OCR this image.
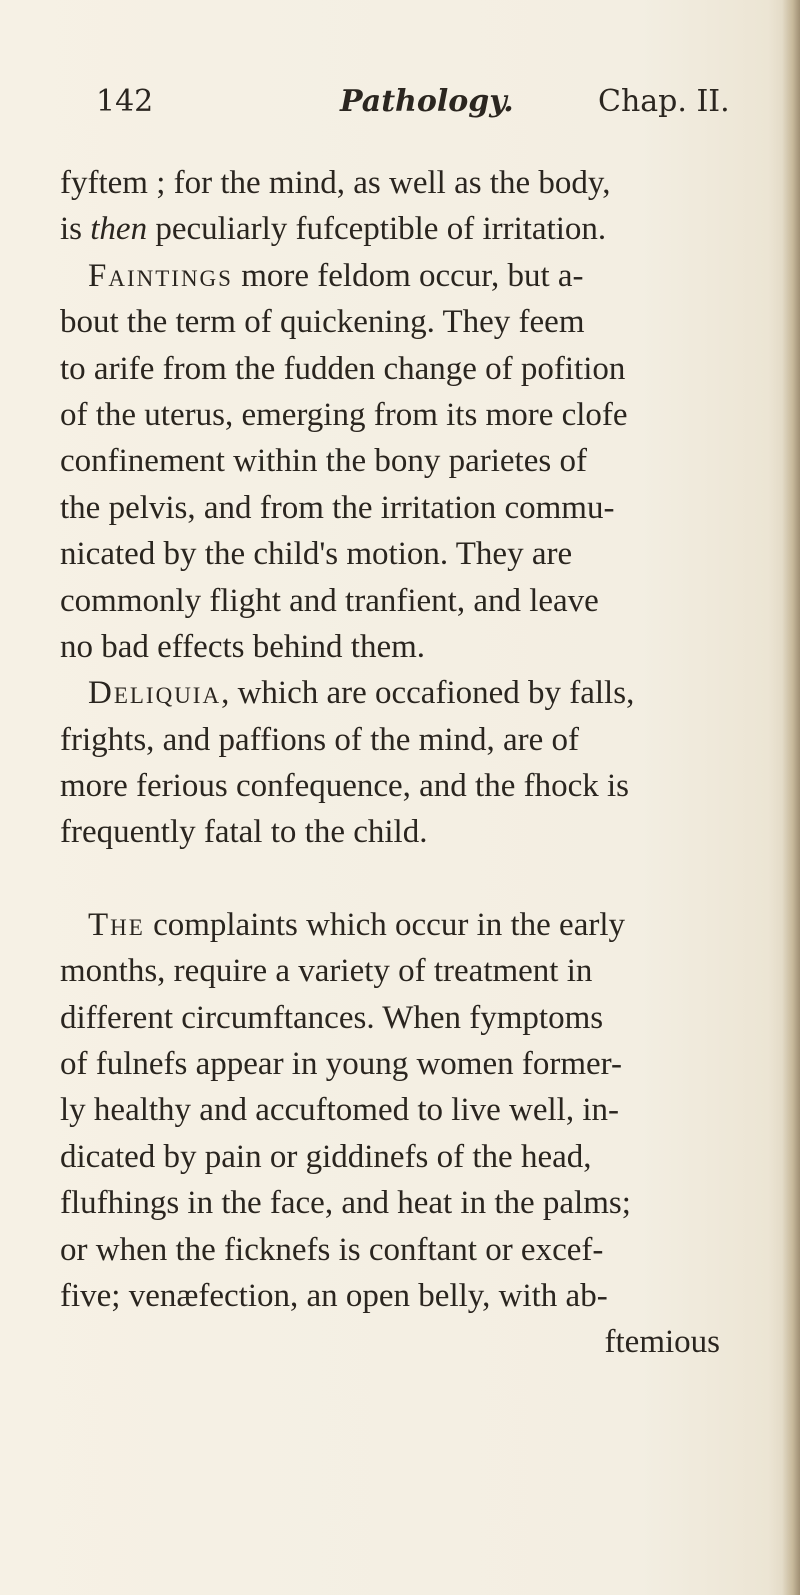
142	Pathology.	Chap. II.
fyftem ; for the mind, as well as the body,
is then peculiarly fufceptible of irritation.
Faintings more feldom occur, but a-
bout the term of quickening. They feem
to arife from the fudden change of pofition
of the uterus, emerging from its more clofe
confinement within the bony parietes of
the pelvis, and from the irritation commu-
nicated by the child's motion. They are
commonly flight and tranfient, and leave
no bad effects behind them.
Deliquia, which are occafioned by falls,
frights, and paffions of the mind, are of
more ferious confequence, and the fhock is
frequently fatal to the child.
The complaints which occur in the early
months, require a variety of treatment in
different circumftances. When fymptoms
of fulnefs appear in young women former-
ly healthy and accuftomed to live well, in-
dicated by pain or giddinefs of the head,
flufhings in the face, and heat in the palms;
or when the ficknefs is conftant or excef-
five; venæfection, an open belly, with ab-
ftemious
